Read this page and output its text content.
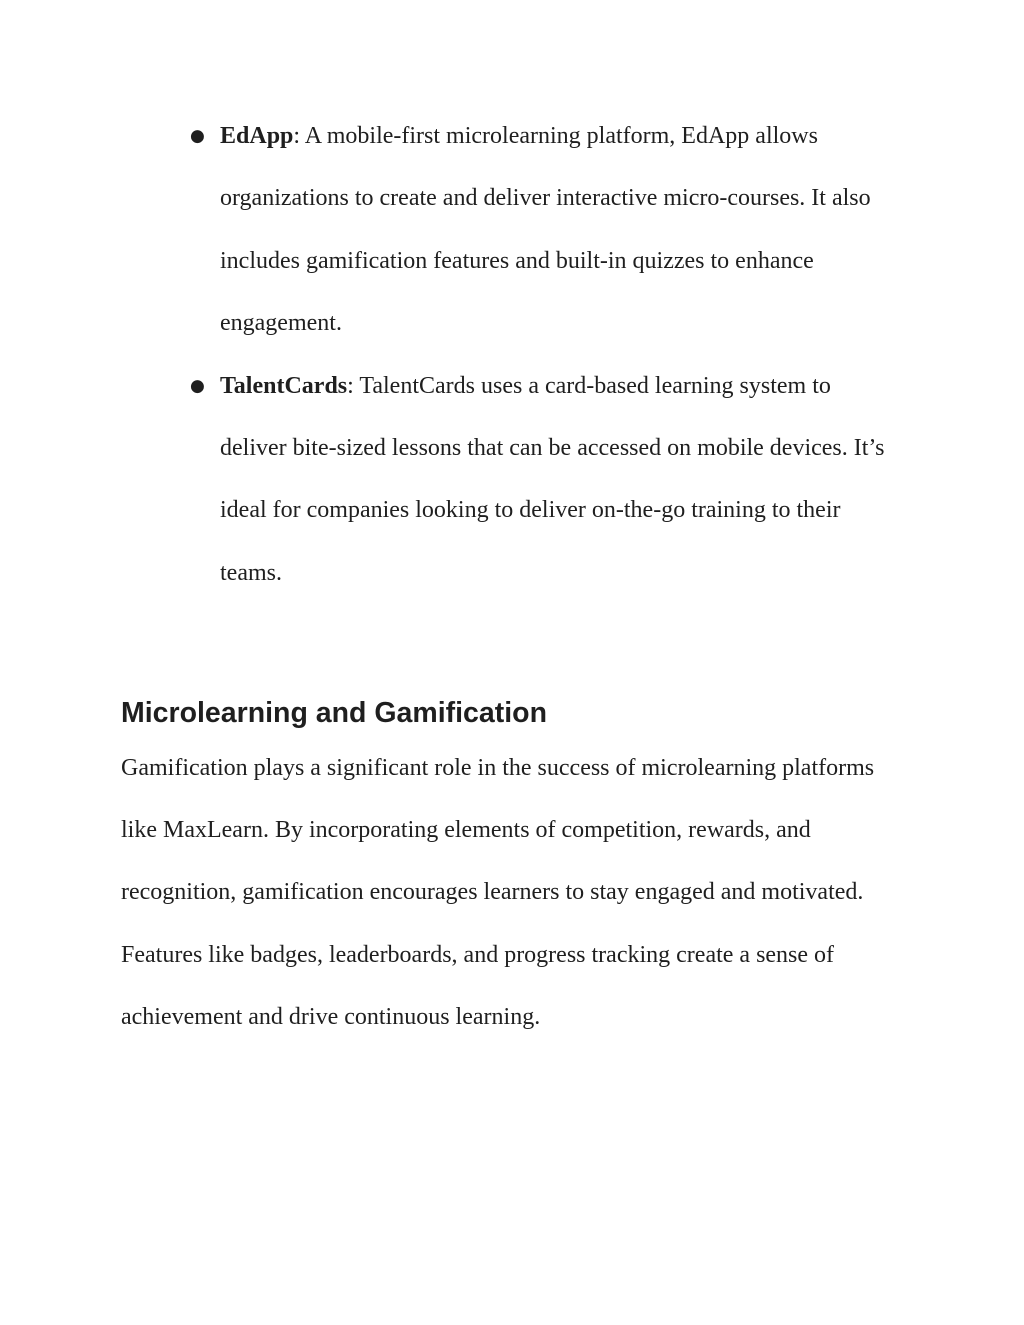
● EdApp: A mobile-first microlearning platform, EdApp allows organizations to create and deliver interactive micro-courses. It also includes gamification features and built-in quizzes to enhance engagement.
● TalentCards: TalentCards uses a card-based learning system to deliver bite-sized lessons that can be accessed on mobile devices. It’s ideal for companies looking to deliver on-the-go training to their teams.
Microlearning and Gamification

Gamification plays a significant role in the success of microlearning platforms like MaxLearn. By incorporating elements of competition, rewards, and recognition, gamification encourages learners to stay engaged and motivated. Features like badges, leaderboards, and progress tracking create a sense of achievement and drive continuous learning.
